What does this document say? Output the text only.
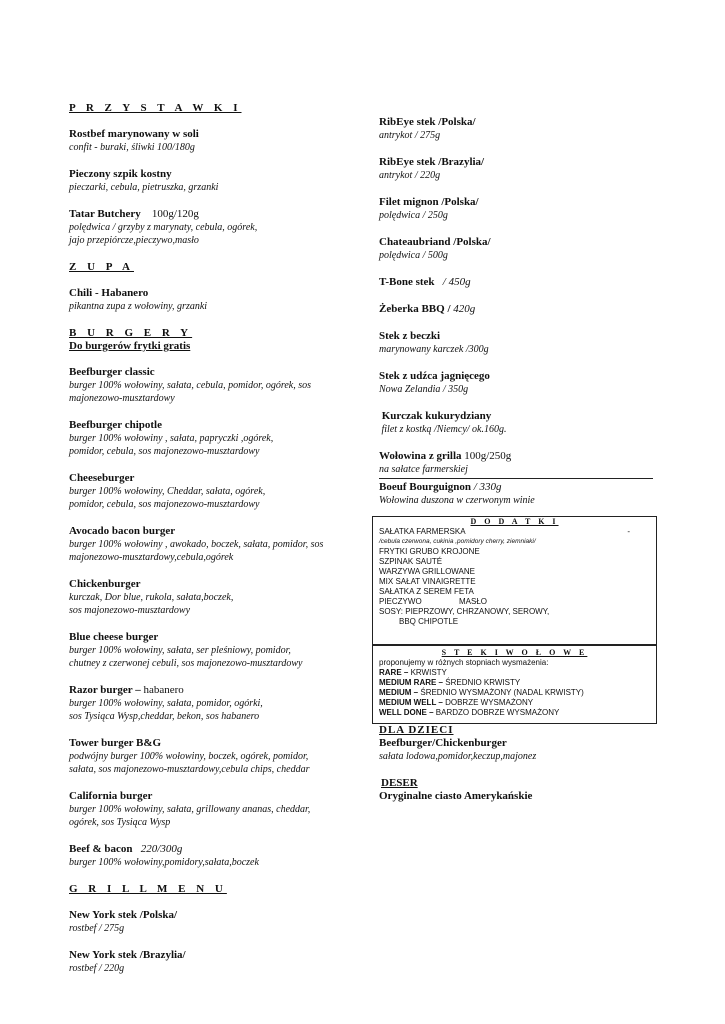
P R Z Y S T A W K I
Rostbef marynowany w soli
confit - buraki, śliwki 100/180g
Pieczony szpik kostny
pieczarki, cebula, pietruszka, grzanki
Tatar Butchery 100g/120g
polędwica / grzyby z marynaty, cebula, ogórek,
jajo przepiórcze,pieczywo,masło
Z U P A
Chili - Habanero
pikantna zupa z wołowiny, grzanki
B U R G E R Y
Do burgerów frytki gratis
Beefburger classic
burger 100% wołowiny, sałata, cebula, pomidor, ogórek, sos
majonezowo-musztardowy
Beefburger chipotle
burger 100% wołowiny , sałata, papryczki ,ogórek,
pomidor, cebula, sos majonezowo-musztardowy
Cheeseburger
burger 100% wołowiny, Cheddar, sałata, ogórek,
pomidor, cebula, sos majonezowo-musztardowy
Avocado bacon burger
burger 100% wołowiny , awokado, boczek, sałata, pomidor, sos
majonezowo-musztardowy,cebula,ogórek
Chickenburger
kurczak, Dor blue, rukola, sałata,boczek,
sos majonezowo-musztardowy
Blue cheese burger
burger 100% wołowiny, sałata, ser pleśniowy, pomidor,
chutney z czerwonej cebuli, sos majonezowo-musztardowy
Razor burger – habanero
burger 100% wołowiny, sałata, pomidor, ogórki,
sos Tysiąca Wysp,cheddar, bekon, sos habanero
Tower burger B&G
podwójny burger 100% wołowiny, boczek, ogórek, pomidor,
sałata, sos majonezowo-musztardowy,cebula chips, cheddar
California burger
burger 100% wołowiny, sałata, grillowany ananas, cheddar,
ogórek, sos Tysiąca Wysp
Beef & bacon 220/300g
burger 100% wołowiny,pomidory,sałata,boczek
G R I L L M E N U
New York stek /Polska/
rostbef / 275g
New York stek /Brazylia/
rostbef / 220g
RibEye stek /Polska/
antrykot / 275g
RibEye stek /Brazylia/
antrykot / 220g
Filet mignon /Polska/
polędwica / 250g
Chateaubriand /Polska/
polędwica / 500g
T-Bone stek / 450g
Żeberka BBQ / 420g
Stek z beczki
marynowany karczek /300g
Stek z udźca jagnięcego
Nowa Zelandia / 350g
Kurczak kukurydziany
filet z kostką /Niemcy/ ok.160g.
Wołowina z grilla 100g/250g
na sałatce farmerskiej
Boeuf Bourguignon / 330g
Wołowina duszona w czerwonym winie
D O D A T K I
SAŁATKA FARMERSKA	-
/cebula czerwona, cukinia ,pomidory cherry, ziemniaki/
FRYTKI GRUBO KROJONE
SZPINAK SAUTÉ
WARZYWA GRILLOWANE
MIX SAŁAT VINAIGRETTE
SAŁATKA Z SEREM FETA
PIECZYWO	MASŁO
SOSY: PIEPRZOWY, CHRZANOWY, SEROWY,
BBQ CHIPOTLE
S T E K I W O Ł O W E
proponujemy w różnych stopniach wysmażenia:
RARE – KRWISTY
MEDIUM RARE – ŚREDNIO KRWISTY
MEDIUM – ŚREDNIO WYSMAŻONY (NADAL KRWISTY)
MEDIUM WELL – DOBRZE WYSMAŻONY
WELL DONE – BARDZO DOBRZE WYSMAŻONY
DLA DZIECI
Beefburger/Chickenburger
sałata lodowa,pomidor,keczup,majonez
DESER
Oryginalne ciasto Amerykańskie
